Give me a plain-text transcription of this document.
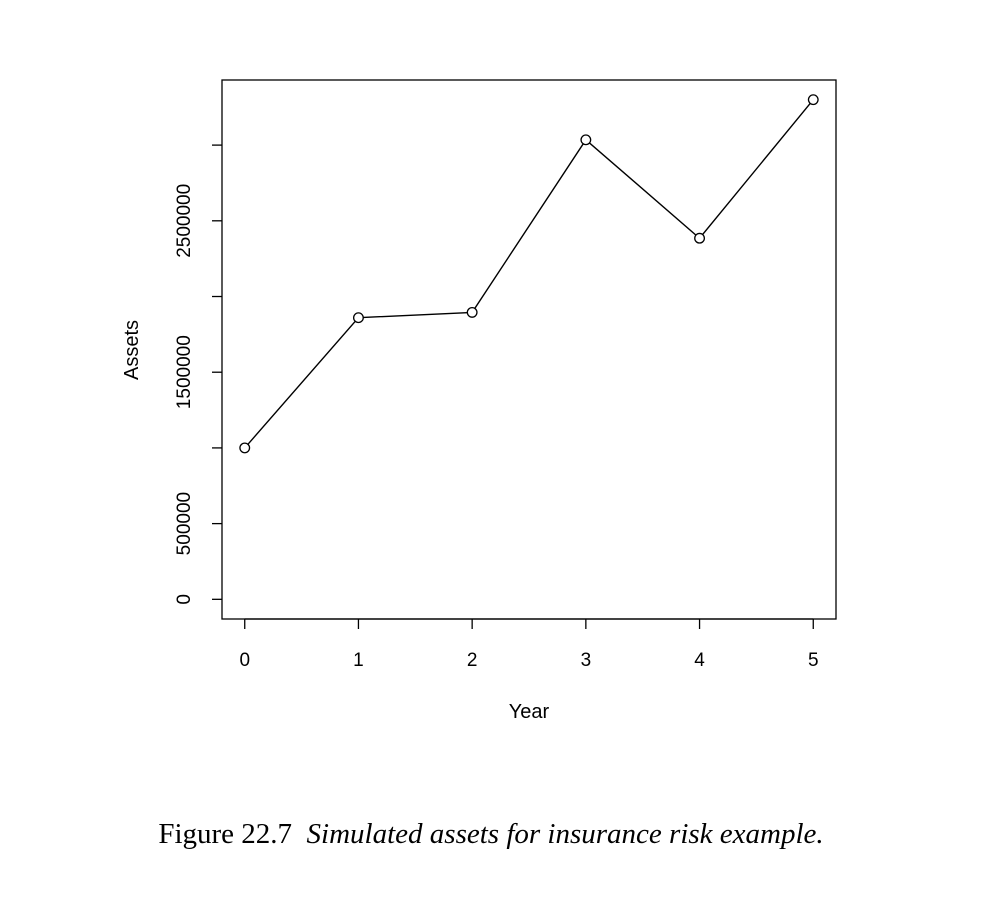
0	1	2	3	4	5
0
500000
1500000
2500000
Year
Assets
Figure 22.7 Simulated assets for insurance risk example.
